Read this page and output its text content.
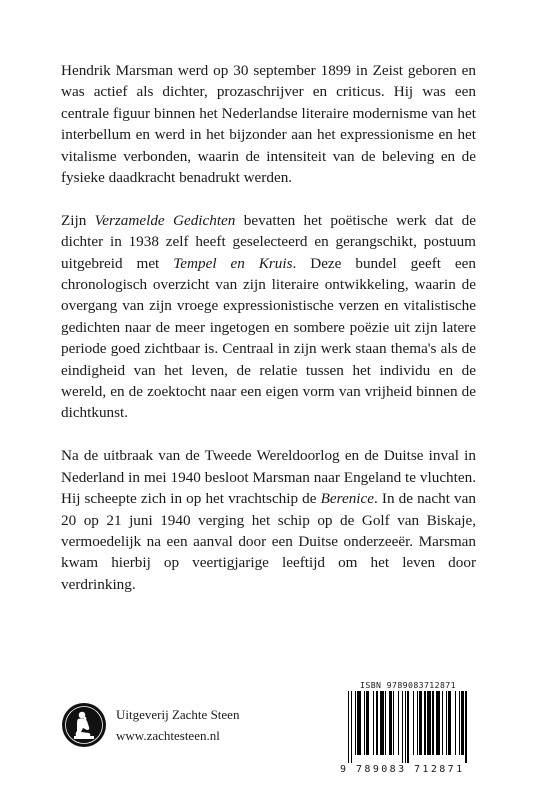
Hendrik Marsman werd op 30 september 1899 in Zeist geboren en was actief als dichter, prozaschrijver en criticus. Hij was een centrale figuur binnen het Nederlandse literaire modernisme van het interbellum en werd in het bijzonder aan het expressionisme en het vitalisme verbonden, waarin de intensiteit van de beleving en de fysieke daadkracht benadrukt werden.

Zijn Verzamelde Gedichten bevatten het poëtische werk dat de dichter in 1938 zelf heeft geselecteerd en gerangschikt, postuum uitgebreid met Tempel en Kruis. Deze bundel geeft een chronologisch overzicht van zijn literaire ontwikkeling, waarin de overgang van zijn vroege expressionistische verzen en vitalistische gedichten naar de meer ingetogen en sombere poëzie uit zijn latere periode goed zichtbaar is. Centraal in zijn werk staan thema's als de eindigheid van het leven, de relatie tussen het individu en de wereld, en de zoektocht naar een eigen vorm van vrijheid binnen de dichtkunst.

Na de uitbraak van de Tweede Wereldoorlog en de Duitse inval in Nederland in mei 1940 besloot Marsman naar Engeland te vluchten. Hij scheepte zich in op het vrachtschip de Berenice. In de nacht van 20 op 21 juni 1940 verging het schip op de Golf van Biskaje, vermoedelijk na een aanval door een Duitse onderzeeër. Marsman kwam hierbij op veertigjarige leeftijd om het leven door verdrinking.

Uitgeverij Zachte Steen
www.zachtesteen.nl
ISBN 9789083712871
9 789083 712871
